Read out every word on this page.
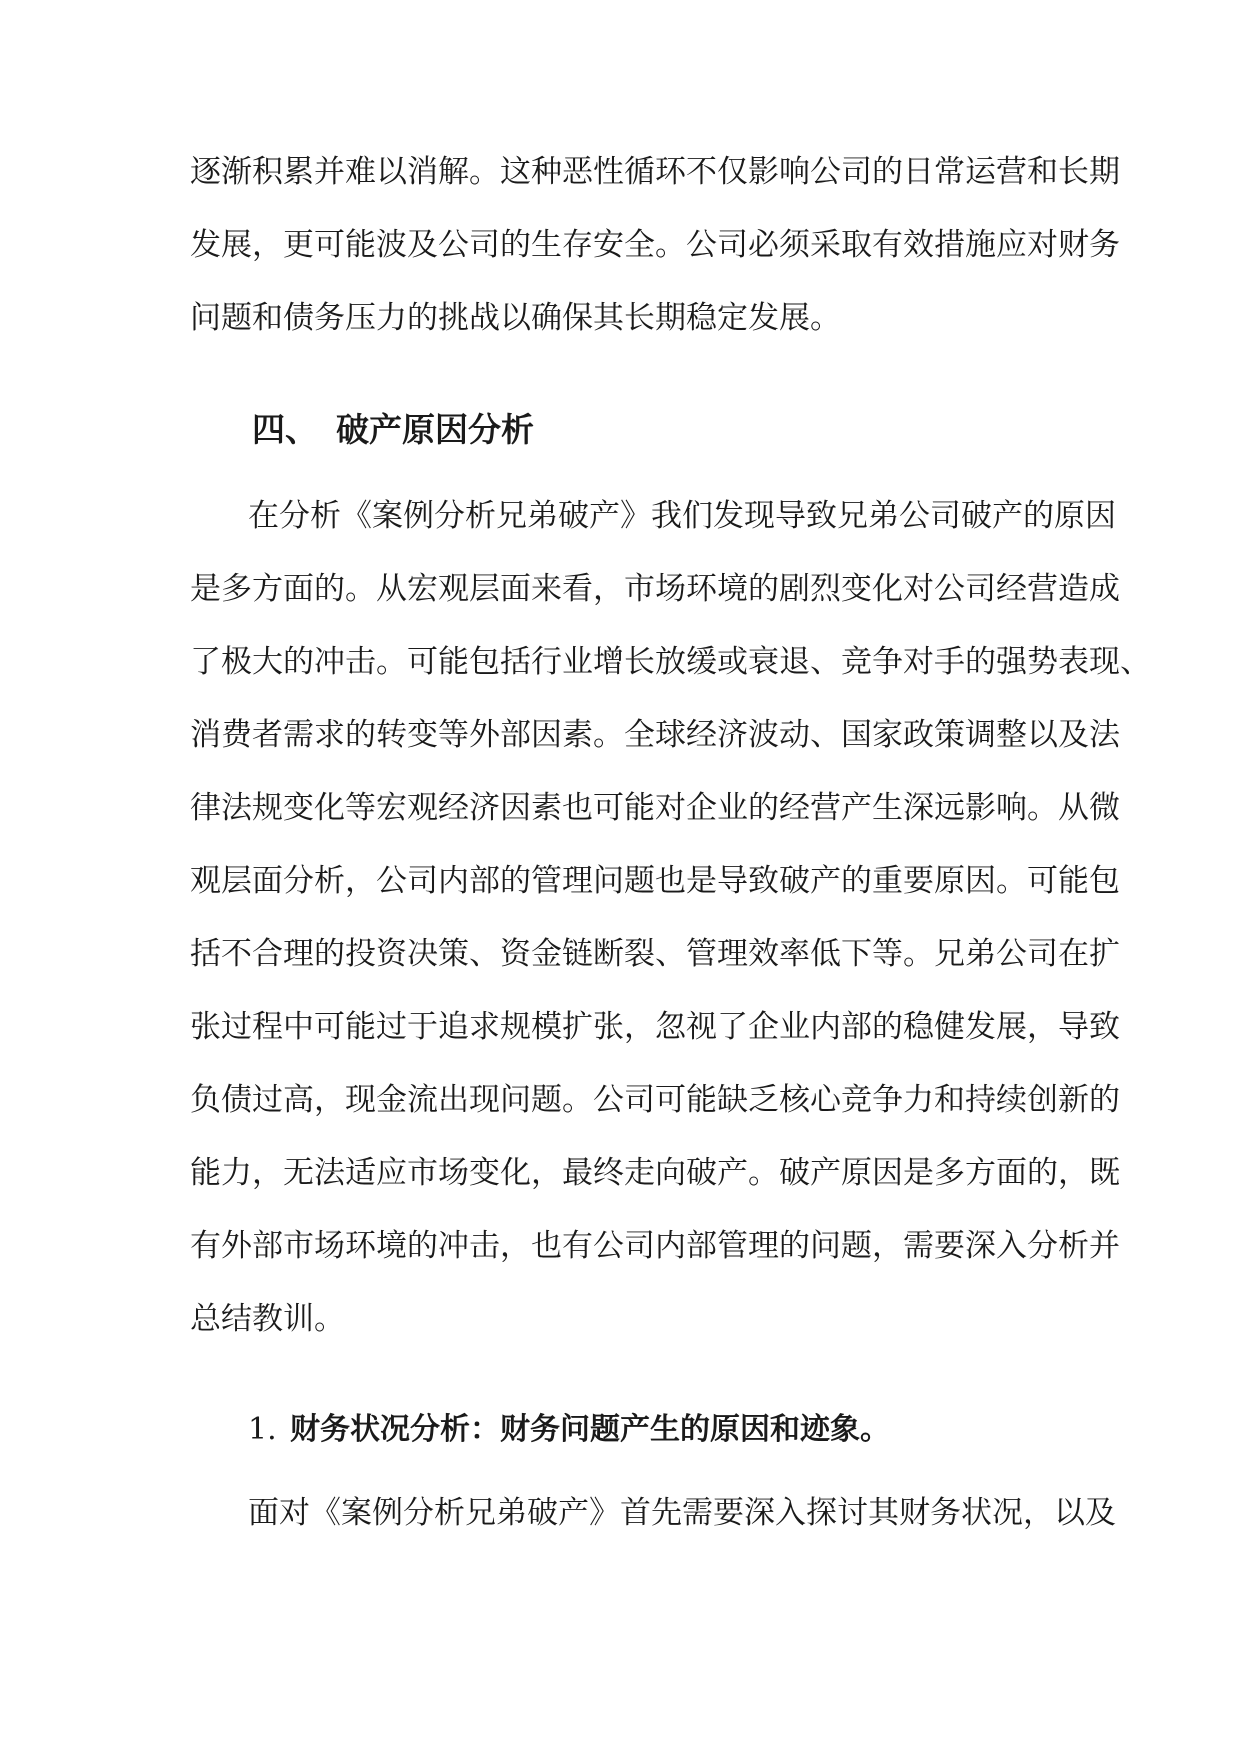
逐渐积累并难以消解。这种恶性循环不仅影响公司的日常运营和长期
发展，更可能波及公司的生存安全。公司必须采取有效措施应对财务
问题和债务压力的挑战以确保其长期稳定发展。
四、 破产原因分析
在分析《案例分析兄弟破产》我们发现导致兄弟公司破产的原因
是多方面的。从宏观层面来看，市场环境的剧烈变化对公司经营造成
了极大的冲击。可能包括行业增长放缓或衰退、竞争对手的强势表现、
消费者需求的转变等外部因素。全球经济波动、国家政策调整以及法
律法规变化等宏观经济因素也可能对企业的经营产生深远影响。从微
观层面分析，公司内部的管理问题也是导致破产的重要原因。可能包
括不合理的投资决策、资金链断裂、管理效率低下等。兄弟公司在扩
张过程中可能过于追求规模扩张，忽视了企业内部的稳健发展，导致
负债过高，现金流出现问题。公司可能缺乏核心竞争力和持续创新的
能力，无法适应市场变化，最终走向破产。破产原因是多方面的，既
有外部市场环境的冲击，也有公司内部管理的问题，需要深入分析并
总结教训。
1. 财务状况分析：财务问题产生的原因和迹象。
面对《案例分析兄弟破产》首先需要深入探讨其财务状况，以及
